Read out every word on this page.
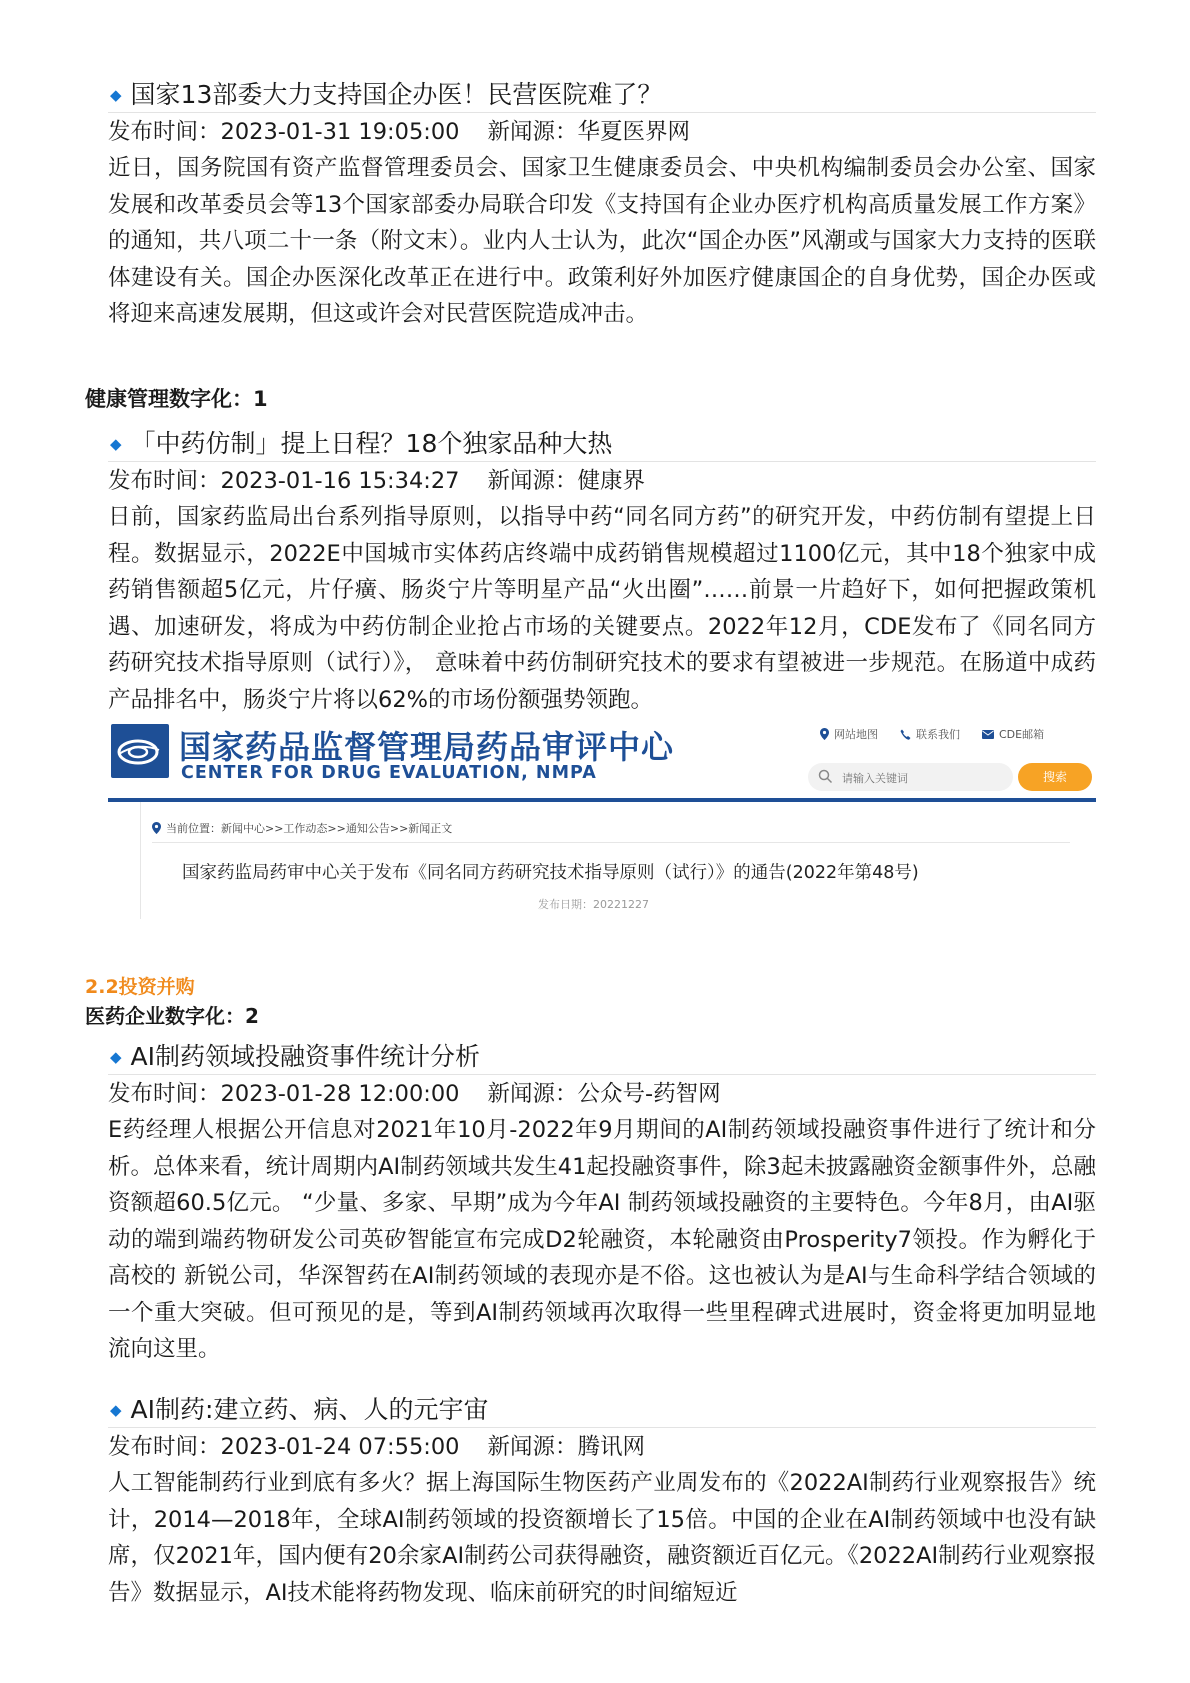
◆ 国家13部委大力支持国企办医！民营医院难了？
发布时间：2023-01-31 19:05:00 新闻源：华夏医界网
近日，国务院国有资产监督管理委员会、国家卫生健康委员会、中央机构编制委员会办公室、国家发展和改革委员会等13个国家部委办局联合印发《支持国有企业办医疗机构高质量发展工作方案》的通知，共八项二十一条（附文末）。业内人士认为，此次“国企办医”风潮或与国家大力支持的医联体建设有关。国企办医深化改革正在进行中。政策利好外加医疗健康国企的自身优势，国企办医或将迎来高速发展期，但这或许会对民营医院造成冲击。
健康管理数字化：1
◆ 「中药仿制」提上日程？18个独家品种大热
发布时间：2023-01-16 15:34:27 新闻源：健康界
日前，国家药监局出台系列指导原则，以指导中药“同名同方药”的研究开发，中药仿制有望提上日程。数据显示，2022E中国城市实体药店终端中成药销售规模超过1100亿元，其中18个独家中成药销售额超5亿元，片仔癀、肠炎宁片等明星产品“火出圈”……前景一片趋好下，如何把握政策机遇、加速研发，将成为中药仿制企业抢占市场的关键要点。2022年12月，CDE发布了《同名同方药研究技术指导原则（试行）》， 意味着中药仿制研究技术的要求有望被进一步规范。在肠道中成药产品排名中，肠炎宁片将以62%的市场份额强势领跑。
国家药品监督管理局药品审评中心
CENTER FOR DRUG EVALUATION, NMPA
网站地图	联系我们	CDE邮箱
请输入关键词
搜索
当前位置：新闻中心>>工作动态>>通知公告>>新闻正文
国家药监局药审中心关于发布《同名同方药研究技术指导原则（试行）》的通告(2022年第48号)
发布日期：20221227
2.2投资并购
医药企业数字化：2
◆ AI制药领域投融资事件统计分析
发布时间：2023-01-28 12:00:00 新闻源：公众号-药智网
E药经理人根据公开信息对2021年10月-2022年9月期间的AI制药领域投融资事件进行了统计和分析。总体来看，统计周期内AI制药领域共发生41起投融资事件，除3起未披露融资金额事件外，总融资额超60.5亿元。 “少量、多家、早期”成为今年AI 制药领域投融资的主要特色。今年8月，由AI驱动的端到端药物研发公司英矽智能宣布完成D2轮融资，本轮融资由Prosperity7领投。作为孵化于高校的 新锐公司，华深智药在AI制药领域的表现亦是不俗。这也被认为是AI与生命科学结合领域的一个重大突破。但可预见的是，等到AI制药领域再次取得一些里程碑式进展时，资金将更加明显地流向这里。
◆ AI制药:建立药、病、人的元宇宙
发布时间：2023-01-24 07:55:00 新闻源：腾讯网
人工智能制药行业到底有多火？据上海国际生物医药产业周发布的《2022AI制药行业观察报告》统计，2014—2018年，全球AI制药领域的投资额增长了15倍。中国的企业在AI制药领域中也没有缺席，仅2021年，国内便有20余家AI制药公司获得融资，融资额近百亿元。《2022AI制药行业观察报告》数据显示，AI技术能将药物发现、临床前研究的时间缩短近
